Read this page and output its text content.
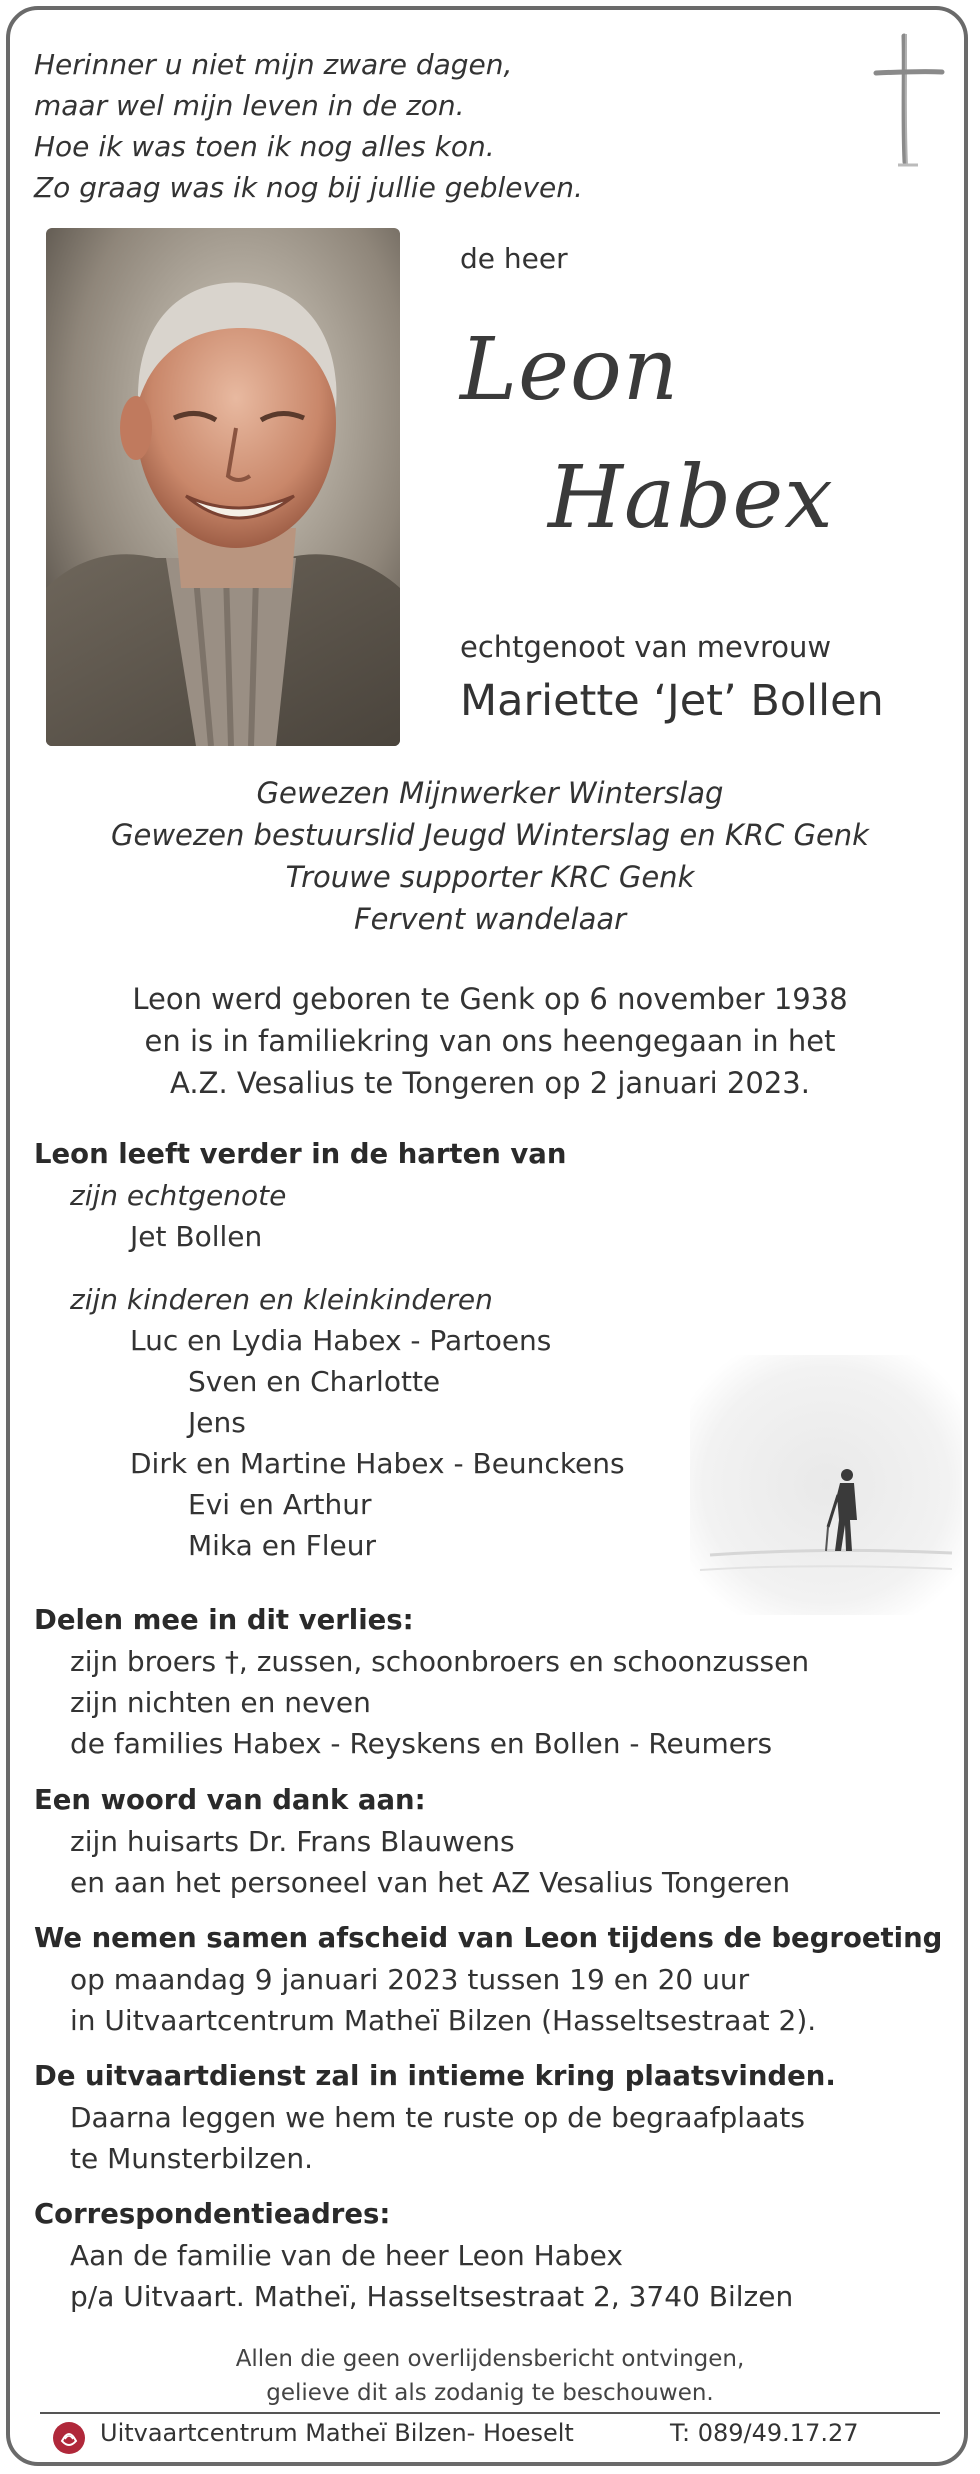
Herinner u niet mijn zware dagen,
maar wel mijn leven in de zon.
Hoe ik was toen ik nog alles kon.
Zo graag was ik nog bij jullie gebleven.
de heer
Leon
Habex
echtgenoot van mevrouw
Mariette ‘Jet’ Bollen
Gewezen Mijnwerker Winterslag
Gewezen bestuurslid Jeugd Winterslag en KRC Genk
Trouwe supporter KRC Genk
Fervent wandelaar
Leon werd geboren te Genk op 6 november 1938
en is in familiekring van ons heengegaan in het
A.Z. Vesalius te Tongeren op 2 januari 2023.
Leon leeft verder in de harten van
zijn echtgenote
Jet Bollen
zijn kinderen en kleinkinderen
Luc en Lydia Habex - Partoens
Sven en Charlotte
Jens
Dirk en Martine Habex - Beunckens
Evi en Arthur
Mika en Fleur
Delen mee in dit verlies:
zijn broers †, zussen, schoonbroers en schoonzussen
zijn nichten en neven
de families Habex - Reyskens en Bollen - Reumers
Een woord van dank aan:
zijn huisarts Dr. Frans Blauwens
en aan het personeel van het AZ Vesalius Tongeren
We nemen samen afscheid van Leon tijdens de begroeting
op maandag 9 januari 2023 tussen 19 en 20 uur
in Uitvaartcentrum Matheï Bilzen (Hasseltsestraat 2).
De uitvaartdienst zal in intieme kring plaatsvinden.
Daarna leggen we hem te ruste op de begraafplaats
te Munsterbilzen.
Correspondentieadres:
Aan de familie van de heer Leon Habex
p/a Uitvaart. Matheï, Hasseltsestraat 2, 3740 Bilzen
Allen die geen overlijdensbericht ontvingen,
gelieve dit als zodanig te beschouwen.
Uitvaartcentrum Matheï Bilzen- Hoeselt	T: 089/49.17.27
